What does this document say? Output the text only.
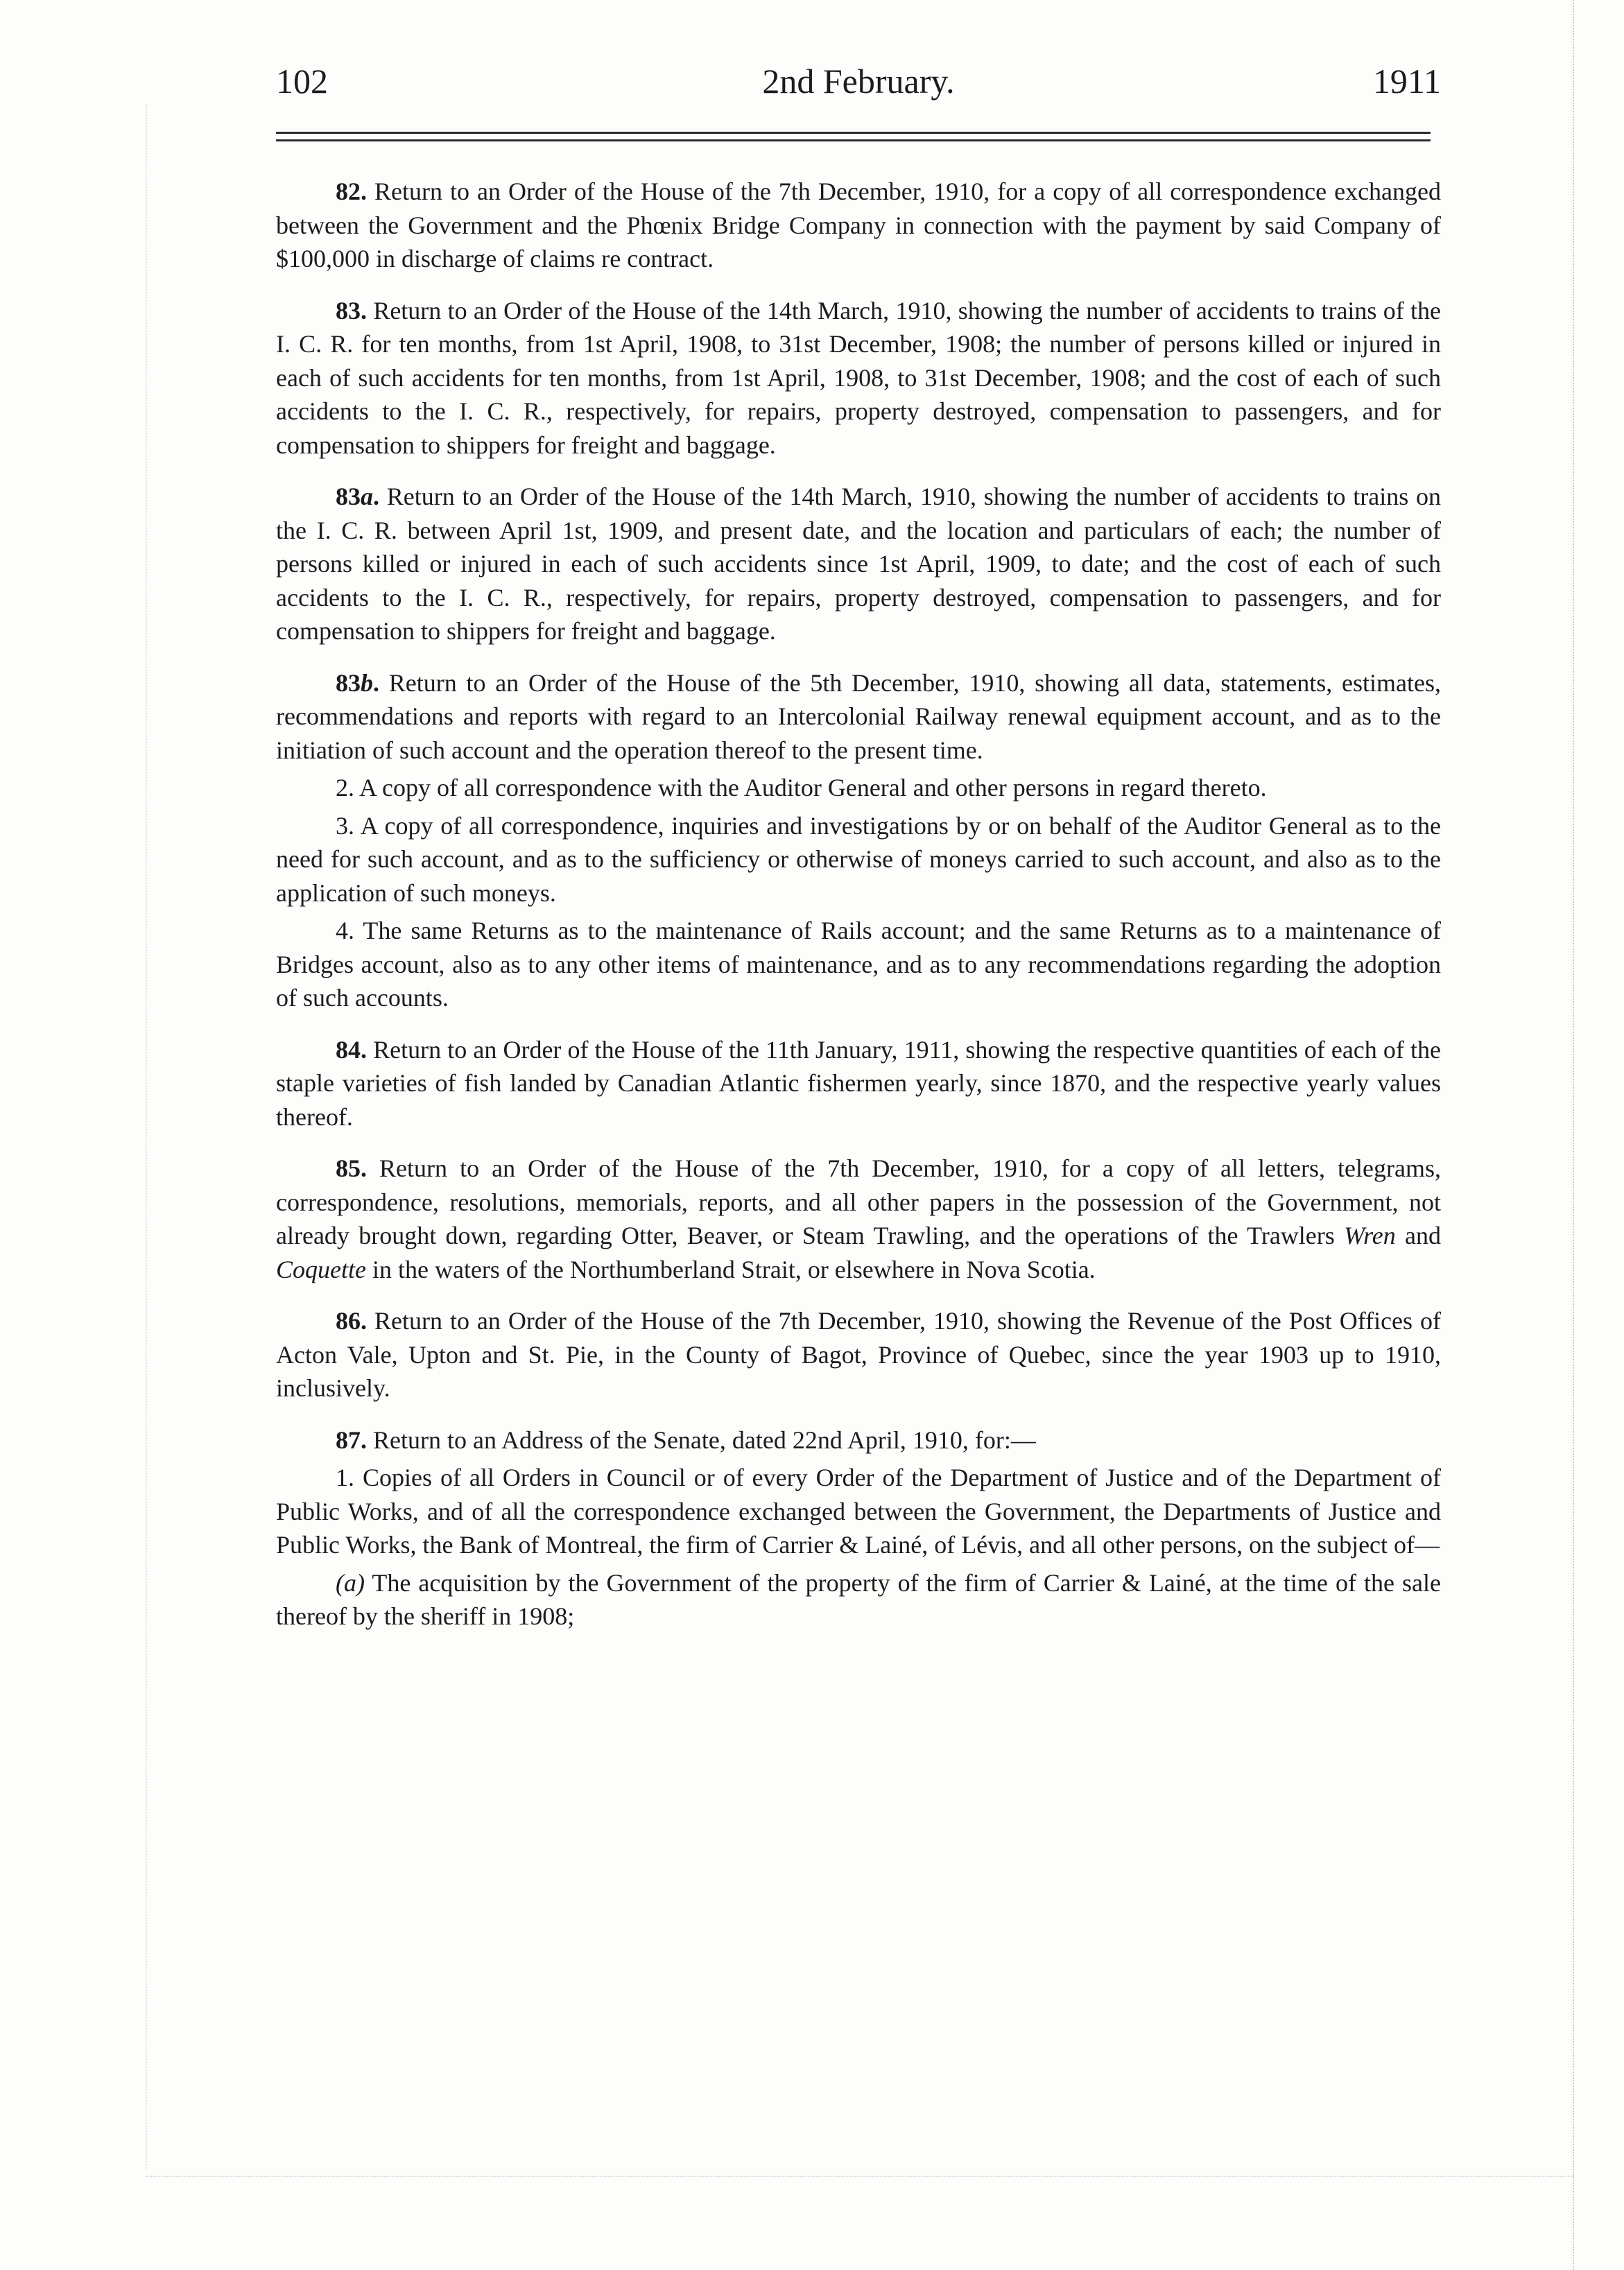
102	2nd February.	1911

82. Return to an Order of the House of the 7th December, 1910, for a copy of all correspondence exchanged between the Government and the Phœnix Bridge Company in connection with the payment by said Company of $100,000 in discharge of claims re contract.

83. Return to an Order of the House of the 14th March, 1910, showing the number of accidents to trains of the I. C. R. for ten months, from 1st April, 1908, to 31st December, 1908; the number of persons killed or injured in each of such accidents for ten months, from 1st April, 1908, to 31st December, 1908; and the cost of each of such accidents to the I. C. R., respectively, for repairs, property destroyed, compensation to passengers, and for compensation to shippers for freight and baggage.

83a. Return to an Order of the House of the 14th March, 1910, showing the number of accidents to trains on the I. C. R. between April 1st, 1909, and present date, and the location and particulars of each; the number of persons killed or injured in each of such accidents since 1st April, 1909, to date; and the cost of each of such accidents to the I. C. R., respectively, for repairs, property destroyed, compensation to passengers, and for compensation to shippers for freight and baggage.

83b. Return to an Order of the House of the 5th December, 1910, showing all data, statements, estimates, recommendations and reports with regard to an Intercolonial Railway renewal equipment account, and as to the initiation of such account and the operation thereof to the present time.

2. A copy of all correspondence with the Auditor General and other persons in regard thereto.

3. A copy of all correspondence, inquiries and investigations by or on behalf of the Auditor General as to the need for such account, and as to the sufficiency or otherwise of moneys carried to such account, and also as to the application of such moneys.

4. The same Returns as to the maintenance of Rails account; and the same Returns as to a maintenance of Bridges account, also as to any other items of maintenance, and as to any recommendations regarding the adoption of such accounts.

84. Return to an Order of the House of the 11th January, 1911, showing the respective quantities of each of the staple varieties of fish landed by Canadian Atlantic fishermen yearly, since 1870, and the respective yearly values thereof.

85. Return to an Order of the House of the 7th December, 1910, for a copy of all letters, telegrams, correspondence, resolutions, memorials, reports, and all other papers in the possession of the Government, not already brought down, regarding Otter, Beaver, or Steam Trawling, and the operations of the Trawlers Wren and Coquette in the waters of the Northumberland Strait, or elsewhere in Nova Scotia.

86. Return to an Order of the House of the 7th December, 1910, showing the Revenue of the Post Offices of Acton Vale, Upton and St. Pie, in the County of Bagot, Province of Quebec, since the year 1903 up to 1910, inclusively.

87. Return to an Address of the Senate, dated 22nd April, 1910, for:—

1. Copies of all Orders in Council or of every Order of the Department of Justice and of the Department of Public Works, and of all the correspondence exchanged between the Government, the Departments of Justice and Public Works, the Bank of Montreal, the firm of Carrier & Lainé, of Lévis, and all other persons, on the subject of—

(a) The acquisition by the Government of the property of the firm of Carrier & Lainé, at the time of the sale thereof by the sheriff in 1908;
